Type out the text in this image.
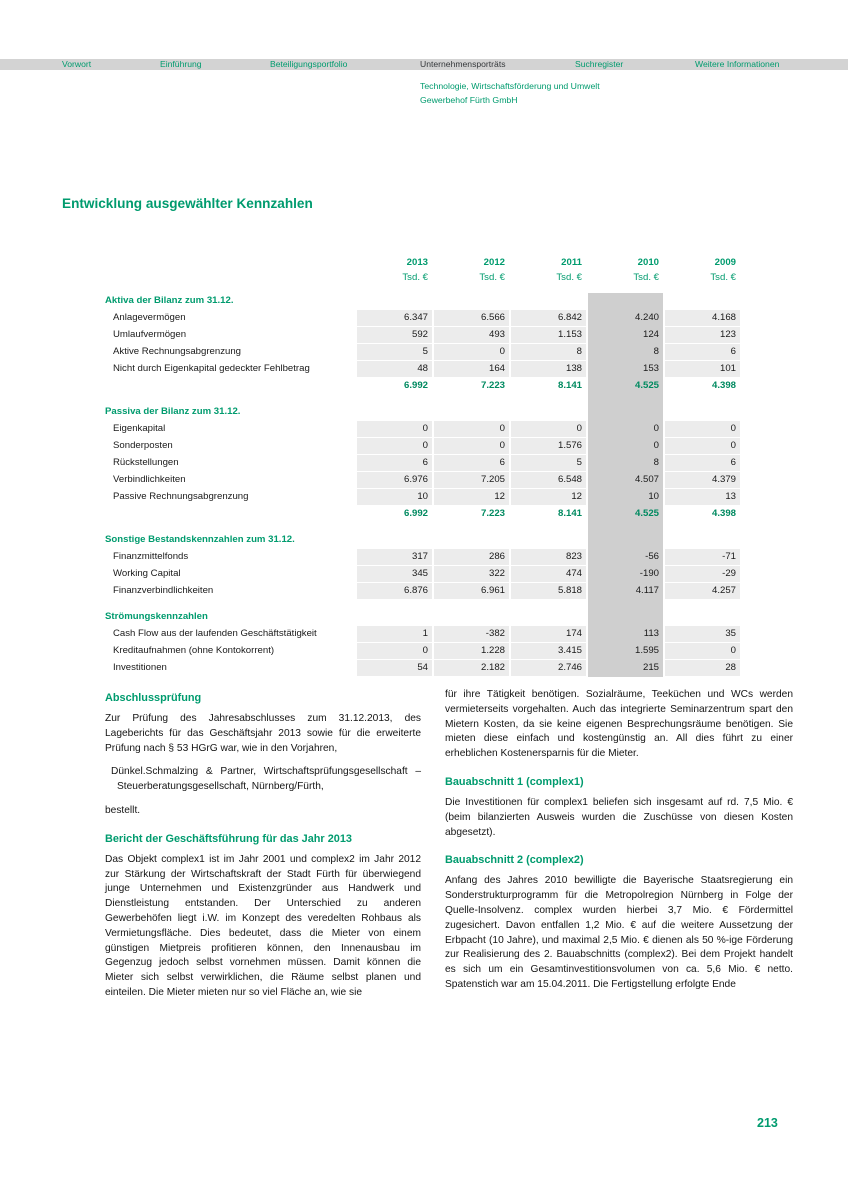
Vorwort	Einführung	Beteiligungsportfolio	Unternehmensporträts	Suchregister	Weitere Informationen
Technologie, Wirtschaftsförderung und Umwelt
Gewerbehof Fürth GmbH
Entwicklung ausgewählter Kennzahlen
2013	2012	2011	2010	2009
Tsd. €	Tsd. €	Tsd. €	Tsd. €	Tsd. €
Aktiva der Bilanz zum 31.12.
Anlagevermögen	6.347	6.566	6.842	4.240	4.168
Umlaufvermögen	592	493	1.153	124	123
Aktive Rechnungsabgrenzung	5	0	8	8	6
Nicht durch Eigenkapital gedeckter Fehlbetrag	48	164	138	153	101
6.992	7.223	8.141	4.525	4.398
Passiva der Bilanz zum 31.12.
Eigenkapital	0	0	0	0	0
Sonderposten	0	0	1.576	0	0
Rückstellungen	6	6	5	8	6
Verbindlichkeiten	6.976	7.205	6.548	4.507	4.379
Passive Rechnungsabgrenzung	10	12	12	10	13
6.992	7.223	8.141	4.525	4.398
Sonstige Bestandskennzahlen zum 31.12.
Finanzmittelfonds	317	286	823	-56	-71
Working Capital	345	322	474	-190	-29
Finanzverbindlichkeiten	6.876	6.961	5.818	4.117	4.257
Strömungskennzahlen
Cash Flow aus der laufenden Geschäftstätigkeit	1	-382	174	113	35
Kreditaufnahmen (ohne Kontokorrent)	0	1.228	3.415	1.595	0
Investitionen	54	2.182	2.746	215	28
Abschlussprüfung

Zur Prüfung des Jahresabschlusses zum 31.12.2013, des Lageberichts für das Geschäftsjahr 2013 sowie für die erweiterte Prüfung nach § 53 HGrG war, wie in den Vorjahren,

Dünkel.Schmalzing & Partner, Wirtschaftsprüfungsgesellschaft – Steuerberatungsgesellschaft, Nürnberg/Fürth,

bestellt.

Bericht der Geschäftsführung für das Jahr 2013

Das Objekt complex1 ist im Jahr 2001 und complex2 im Jahr 2012 zur Stärkung der Wirtschaftskraft der Stadt Fürth für überwiegend junge Unternehmen und Existenzgründer aus Handwerk und Dienstleistung entstanden. Der Unterschied zu anderen Gewerbehöfen liegt i.W. im Konzept des veredelten Rohbaus als Vermietungsfläche. Dies bedeutet, dass die Mieter von einem günstigen Mietpreis profitieren können, den Innenausbau im Gegenzug jedoch selbst vornehmen müssen. Damit können die Mieter sich selbst verwirklichen, die Räume selbst planen und einteilen. Die Mieter mieten nur so viel Fläche an, wie sie

für ihre Tätigkeit benötigen. Sozialräume, Teeküchen und WCs werden vermieterseits vorgehalten. Auch das integrierte Seminarzentrum spart den Mietern Kosten, da sie keine eigenen Besprechungsräume benötigen. Sie mieten diese einfach und kostengünstig an. All dies führt zu einer erheblichen Kostenersparnis für die Mieter.

Bauabschnitt 1 (complex1)

Die Investitionen für complex1 beliefen sich insgesamt auf rd. 7,5 Mio. € (beim bilanzierten Ausweis wurden die Zuschüsse von diesen Kosten abgesetzt).

Bauabschnitt 2 (complex2)

Anfang des Jahres 2010 bewilligte die Bayerische Staatsregierung ein Sonderstrukturprogramm für die Metropolregion Nürnberg in Folge der Quelle-Insolvenz. complex wurden hierbei 3,7 Mio. € Fördermittel zugesichert. Davon entfallen 1,2 Mio. € auf die weitere Aussetzung der Erbpacht (10 Jahre), und maximal 2,5 Mio. € dienen als 50 %-ige Förderung zur Realisierung des 2. Bauabschnitts (complex2). Bei dem Projekt handelt es sich um ein Gesamtinvestitionsvolumen von ca. 5,6 Mio. € netto. Spatenstich war am 15.04.2011. Die Fertigstellung erfolgte Ende

213
